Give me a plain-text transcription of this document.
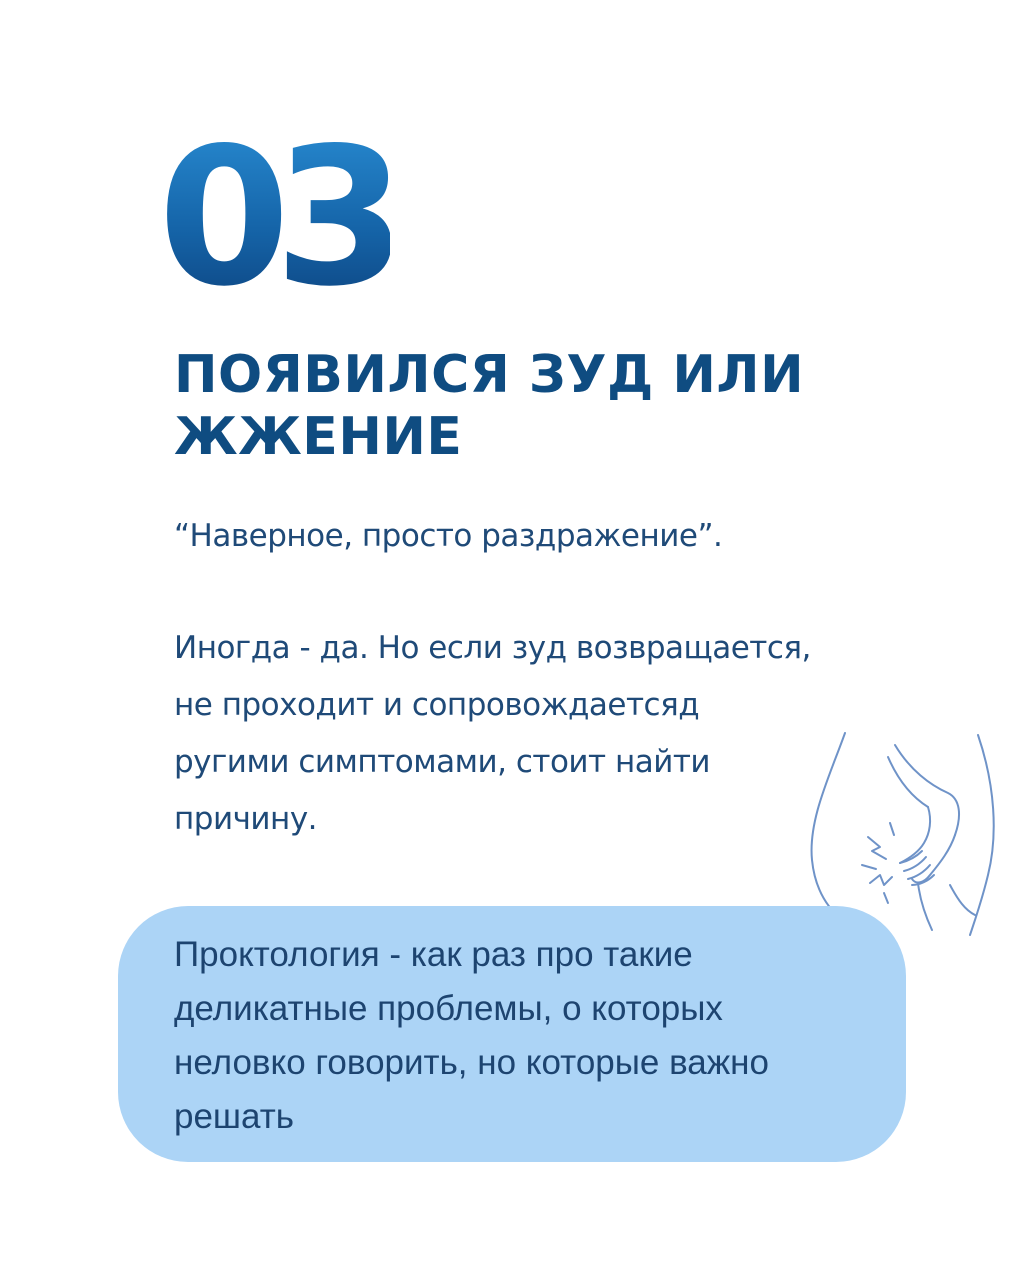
03
ПОЯВИЛСЯ ЗУД ИЛИ ЖЖЕНИЕ

“Наверное, просто раздражение”.

Иногда - да. Но если зуд возвращается,
не проходит и сопровождаетсяд
ругими симптомами, стоит найти
причину.
Проктология - как раз про такие
деликатные проблемы, о которых
неловко говорить, но которые важно
решать
